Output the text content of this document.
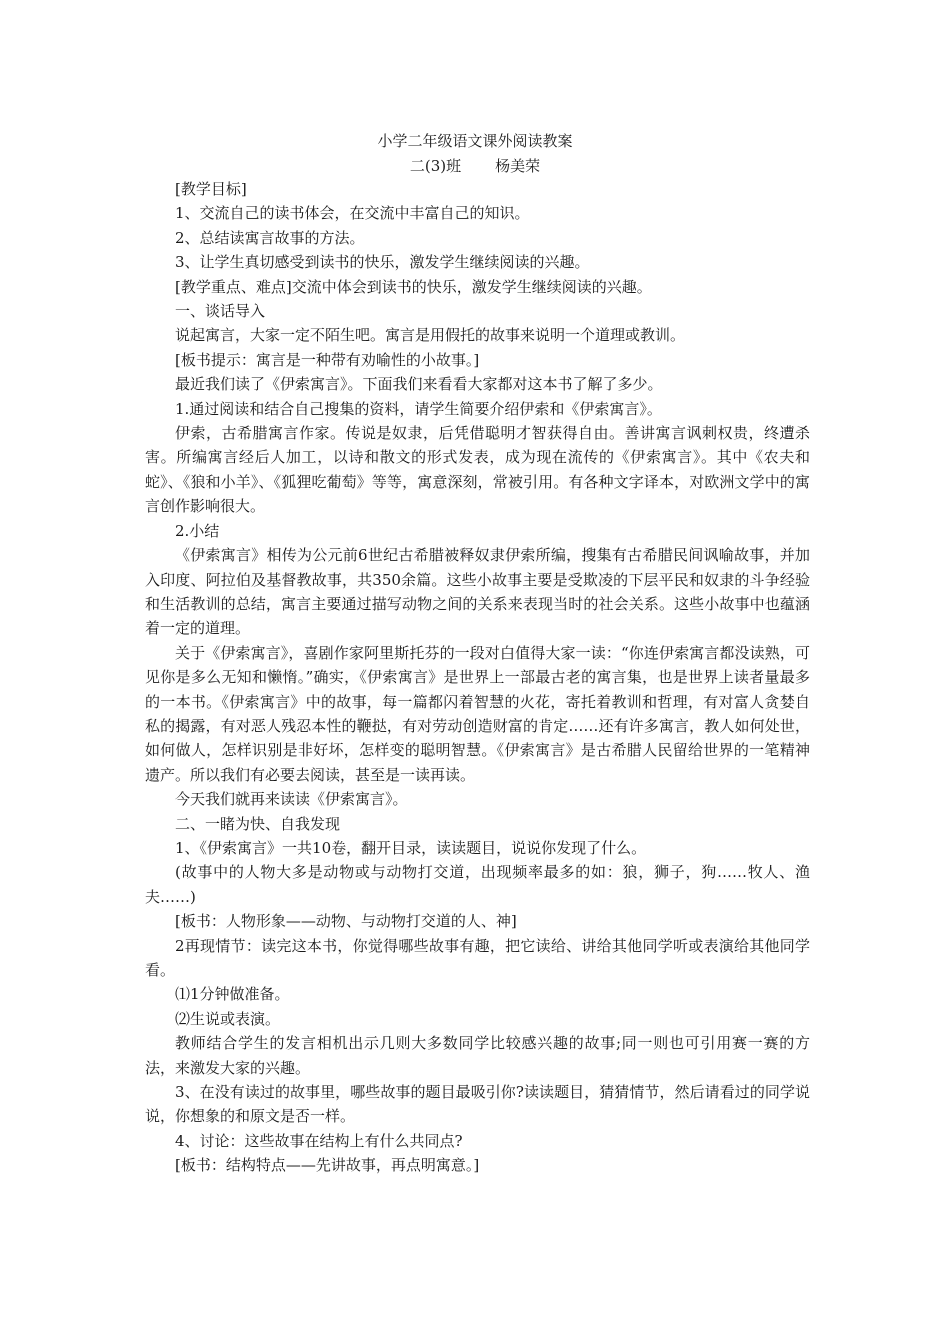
小学二年级语文课外阅读教案
二(3)班 杨美荣

[教学目标]

1、交流自己的读书体会，在交流中丰富自己的知识。

2、总结读寓言故事的方法。

3、让学生真切感受到读书的快乐，激发学生继续阅读的兴趣。

[教学重点、难点]交流中体会到读书的快乐，激发学生继续阅读的兴趣。

一、谈话导入

说起寓言，大家一定不陌生吧。寓言是用假托的故事来说明一个道理或教训。

[板书提示：寓言是一种带有劝喻性的小故事。]

最近我们读了《伊索寓言》。下面我们来看看大家都对这本书了解了多少。

1.通过阅读和结合自己搜集的资料，请学生简要介绍伊索和《伊索寓言》。

伊索，古希腊寓言作家。传说是奴隶，后凭借聪明才智获得自由。善讲寓言讽刺权贵，终遭杀害。所编寓言经后人加工，以诗和散文的形式发表，成为现在流传的《伊索寓言》。其中《农夫和蛇》、《狼和小羊》、《狐狸吃葡萄》等等，寓意深刻，常被引用。有各种文字译本，对欧洲文学中的寓言创作影响很大。

2.小结

《伊索寓言》相传为公元前6世纪古希腊被释奴隶伊索所编，搜集有古希腊民间讽喻故事，并加入印度、阿拉伯及基督教故事，共350余篇。这些小故事主要是受欺凌的下层平民和奴隶的斗争经验和生活教训的总结，寓言主要通过描写动物之间的关系来表现当时的社会关系。这些小故事中也蕴涵着一定的道理。

关于《伊索寓言》，喜剧作家阿里斯托芬的一段对白值得大家一读：“你连伊索寓言都没读熟，可见你是多么无知和懒惰。”确实，《伊索寓言》是世界上一部最古老的寓言集，也是世界上读者量最多的一本书。《伊索寓言》中的故事，每一篇都闪着智慧的火花，寄托着教训和哲理，有对富人贪婪自私的揭露，有对恶人残忍本性的鞭挞，有对劳动创造财富的肯定……还有许多寓言，教人如何处世，如何做人，怎样识别是非好坏，怎样变的聪明智慧。《伊索寓言》是古希腊人民留给世界的一笔精神遗产。所以我们有必要去阅读，甚至是一读再读。

今天我们就再来读读《伊索寓言》。

二、一睹为快、自我发现

1、《伊索寓言》一共10卷，翻开目录，读读题目，说说你发现了什么。

(故事中的人物大多是动物或与动物打交道，出现频率最多的如：狼，狮子，狗……牧人、渔夫……)

[板书：人物形象——动物、与动物打交道的人、神]

2再现情节：读完这本书，你觉得哪些故事有趣，把它读给、讲给其他同学听或表演给其他同学看。

⑴1分钟做准备。

⑵生说或表演。

教师结合学生的发言相机出示几则大多数同学比较感兴趣的故事;同一则也可引用赛一赛的方法，来激发大家的兴趣。

3、在没有读过的故事里，哪些故事的题目最吸引你?读读题目，猜猜情节，然后请看过的同学说说，你想象的和原文是否一样。

4、讨论：这些故事在结构上有什么共同点?

[板书：结构特点——先讲故事，再点明寓意。]
